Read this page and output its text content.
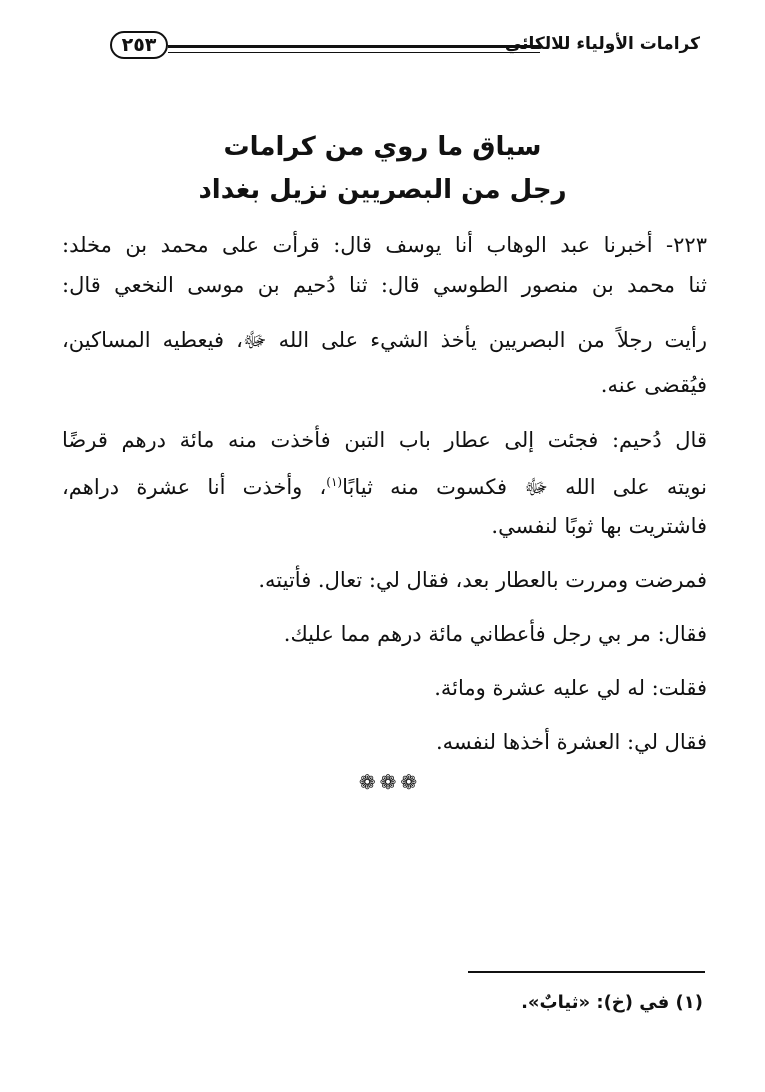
٢٥٣	كرامات الأولياء للالكائي
سياق ما روي من كرامات
رجل من البصريين نزيل بغداد
٢٢٣- أخبرنا عبد الوهاب أنا يوسف قال: قرأت على محمد بن مخلد:
ثنا محمد بن منصور الطوسي قال: ثنا دُحيم بن موسى النخعي قال:
رأيت رجلاً من البصريين يأخذ الشيء على الله ﷻ، فيعطيه المساكين،
فيُقضى عنه.
قال دُحيم: فجئت إلى عطار باب التبن فأخذت منه مائة درهم قرضًا
نويته على الله ﷻ فكسوت منه ثيابًا$^{(١)}$، وأخذت أنا عشرة دراهم،
فاشتريت بها ثوبًا لنفسي.
فمرضت ومررت بالعطار بعد، فقال لي: تعال. فأتيته.
فقال: مر بي رجل فأعطاني مائة درهم مما عليك.
فقلت: له لي عليه عشرة ومائة.
فقال لي: العشرة أخذها لنفسه.
❁❁❁
(١) في (خ): «ثيابٌ».
